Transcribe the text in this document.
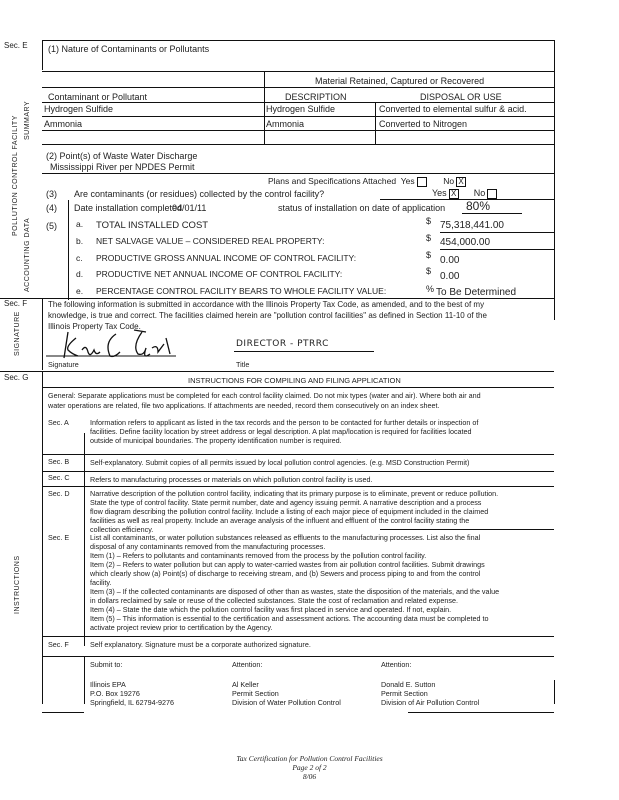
Sec. E (1) Nature of Contaminants or Pollutants
Material Retained, Captured or Recovered
Contaminant or Pollutant	DESCRIPTION	DISPOSAL OR USE
Hydrogen Sulfide	Hydrogen Sulfide	Converted to elemental sulfur & acid.
Ammonia	Ammonia	Converted to Nitrogen
(2) Point(s) of Waste Water Discharge
Mississippi River per NPDES Permit
Plans and Specifications Attached Yes	No X
(3) Are contaminants (or residues) collected by the control facility?	Yes X No
(4) Date installation completed
04/01/11	status of installation on date of application 80%
(5) a. TOTAL INSTALLED COST	$ 75,318,441.00
b. NET SALVAGE VALUE – CONSIDERED REAL PROPERTY:	$ 454,000.00
c. PRODUCTIVE GROSS ANNUAL INCOME OF CONTROL FACILITY:	$ 0.00
d. PRODUCTIVE NET ANNUAL INCOME OF CONTROL FACILITY:	$ 0.00
e. PERCENTAGE CONTROL FACILITY BEARS TO WHOLE FACILITY VALUE:	% To Be Determined
POLLUTION CONTROL FACILITY
ACCOUNTING DATA
SUMMARY
Sec. F	The following information is submitted in accordance with the Illinois Property Tax Code, as amended, and to the best of my
knowledge, is true and correct. The facilities claimed herein are "pollution control facilities" as defined in Section 11-10 of the
Illinois Property Tax Code.
DIRECTOR - PTRRC
Signature	Title
SIGNATURE
Sec. G	INSTRUCTIONS FOR COMPILING AND FILING APPLICATION
General: Separate applications must be completed for each control facility claimed. Do not mix types (water and air). Where both air and
water operations are related, file two applications. If attachments are needed, record them consecutively on an index sheet.
INSTRUCTIONS
Sec. A	Information refers to applicant as listed in the tax records and the person to be contacted for further details or inspection of
facilities. Define facility location by street address or legal description. A plat map/location is required for facilities located
outside of municipal boundaries. The property identification number is required.
Sec. B	Self-explanatory. Submit copies of all permits issued by local pollution control agencies. (e.g. MSD Construction Permit)
Sec. C	Refers to manufacturing processes or materials on which pollution control facility is used.
Sec. D	Narrative description of the pollution control facility, indicating that its primary purpose is to eliminate, prevent or reduce pollution.
State the type of control facility. State permit number, date and agency issuing permit. A narrative description and a process
flow diagram describing the pollution control facility. Include a listing of each major piece of equipment included in the claimed
facilities as well as real property. Include an average analysis of the influent and effluent of the control facility stating the
collection efficiency.
Sec. E	List all contaminants, or water pollution substances released as effluents to the manufacturing processes. List also the final
disposal of any contaminants removed from the manufacturing processes.
Item (1) – Refers to pollutants and contaminants removed from the process by the pollution control facility.
Item (2) – Refers to water pollution but can apply to water-carried wastes from air pollution control facilities. Submit drawings
which clearly show (a) Point(s) of discharge to receiving stream, and (b) Sewers and process piping to and from the control
facility.
Item (3) – If the collected contaminants are disposed of other than as wastes, state the disposition of the materials, and the value
in dollars reclaimed by sale or reuse of the collected substances. State the cost of reclamation and related expense.
Item (4) – State the date which the pollution control facility was first placed in service and operated. If not, explain.
Item (5) – This information is essential to the certification and assessment actions. The accounting data must be completed to
activate project review prior to certification by the Agency.
Sec. F	Self explanatory. Signature must be a corporate authorized signature.
Submit to:
Illinois EPA
P.O. Box 19276
Springfield, IL 62794-9276
Attention:
Al Keller
Permit Section
Division of Water Pollution Control
Attention:
Donald E. Sutton
Permit Section
Division of Air Pollution Control
Tax Certification for Pollution Control Facilities
Page 2 of 2
8/06
